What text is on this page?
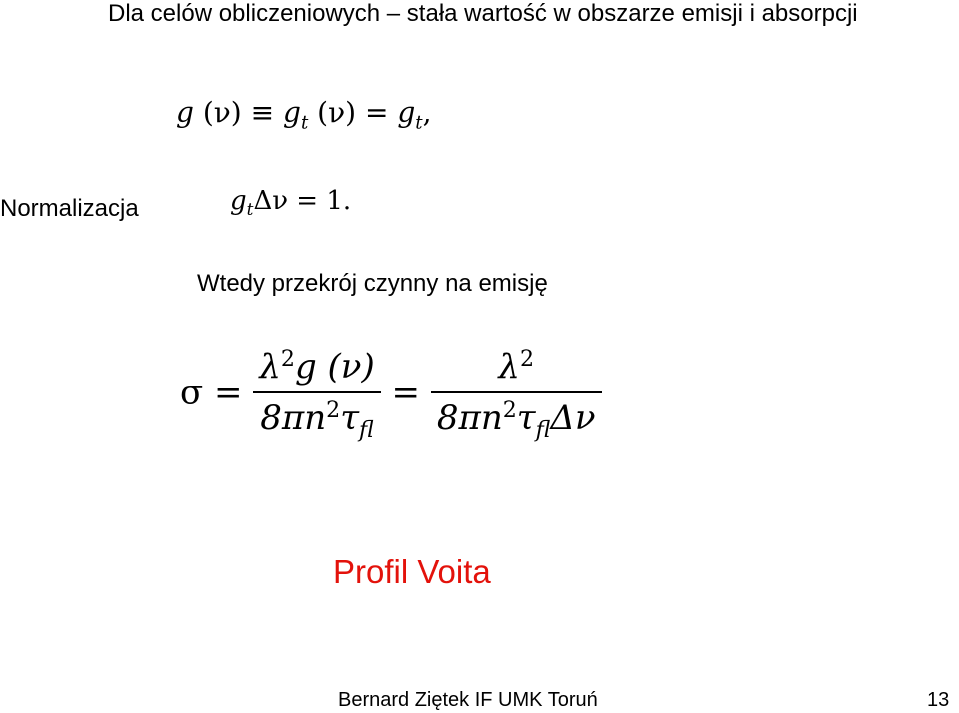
Dla celów obliczeniowych – stała wartość w obszarze emisji i absorpcji
g $(\nu) \equiv g_t$ $(\nu) = g_t$,
Normalizacja	$g_t\Delta\nu = 1$.
Wtedy przekrój czynny na emisję
$\sigma = \frac{\lambda^2g (\nu)}{8\pi n^2\tau_{fl}} = \frac{\lambda^2}{8\pi n^2\tau_{fl}\Delta\nu}$
Profil Voita
Bernard Ziętek IF UMK Toruń	13
